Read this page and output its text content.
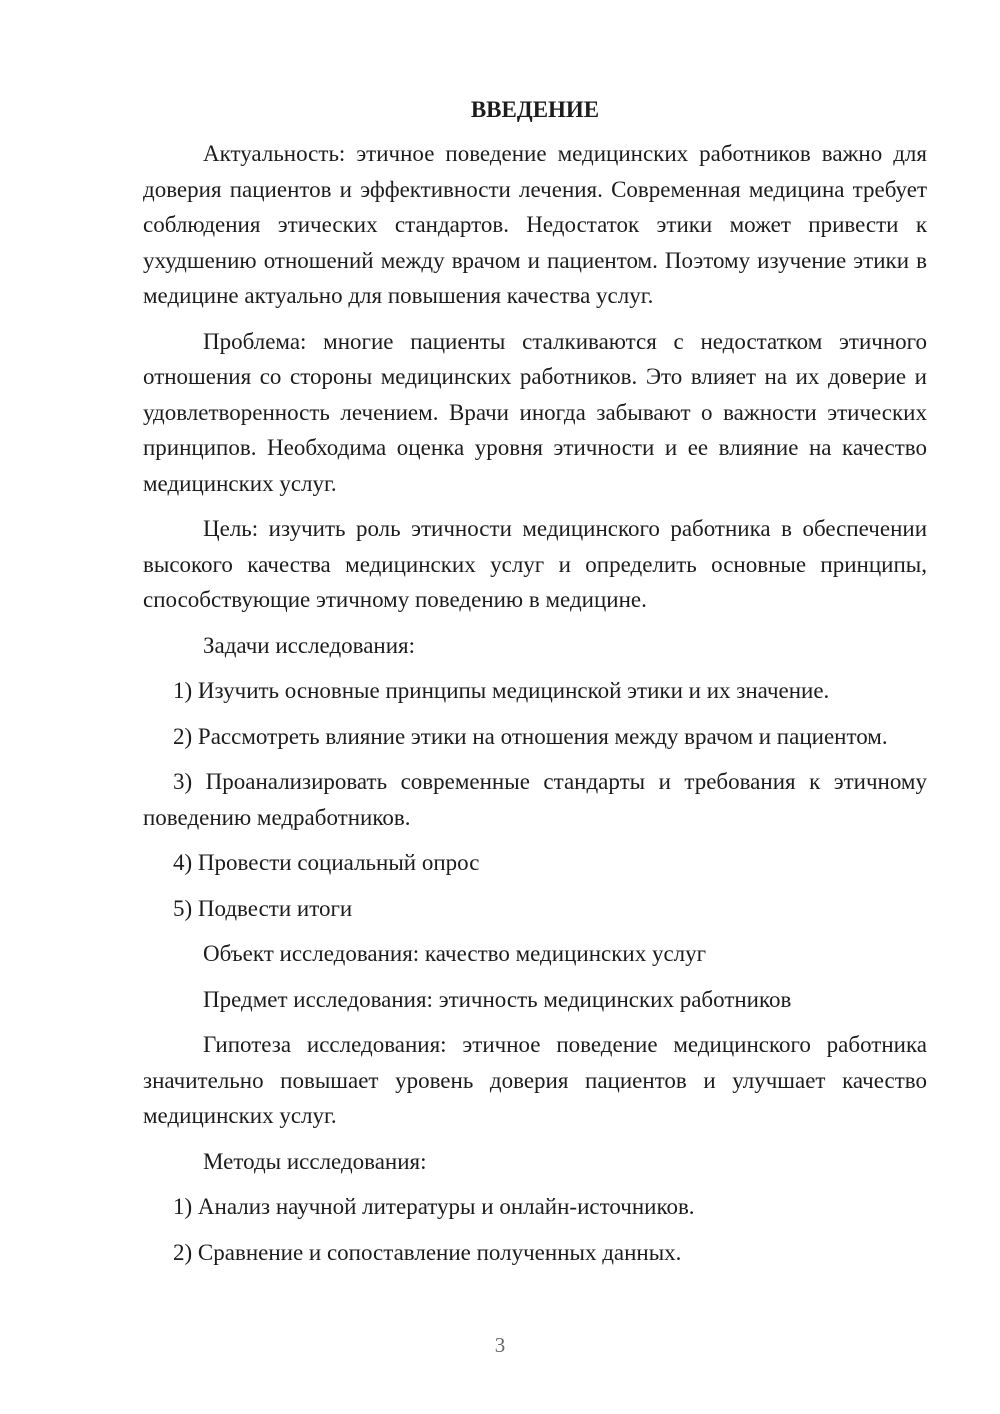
ВВЕДЕНИЕ

Актуальность: этичное поведение медицинских работников важно для доверия пациентов и эффективности лечения. Современная медицина требует соблюдения этических стандартов. Недостаток этики может привести к ухудшению отношений между врачом и пациентом. Поэтому изучение этики в медицине актуально для повышения качества услуг.

Проблема: многие пациенты сталкиваются с недостатком этичного отношения со стороны медицинских работников. Это влияет на их доверие и удовлетворенность лечением. Врачи иногда забывают о важности этических принципов. Необходима оценка уровня этичности и ее влияние на качество медицинских услуг.

Цель: изучить роль этичности медицинского работника в обеспечении высокого качества медицинских услуг и определить основные принципы, способствующие этичному поведению в медицине.

Задачи исследования:

1) Изучить основные принципы медицинской этики и их значение.

2) Рассмотреть влияние этики на отношения между врачом и пациентом.

3) Проанализировать современные стандарты и требования к этичному поведению медработников.

4) Провести социальный опрос

5) Подвести итоги

Объект исследования: качество медицинских услуг

Предмет исследования: этичность медицинских работников

Гипотеза исследования: этичное поведение медицинского работника значительно повышает уровень доверия пациентов и улучшает качество медицинских услуг.

Методы исследования:

1) Анализ научной литературы и онлайн-источников.

2) Сравнение и сопоставление полученных данных.

3
